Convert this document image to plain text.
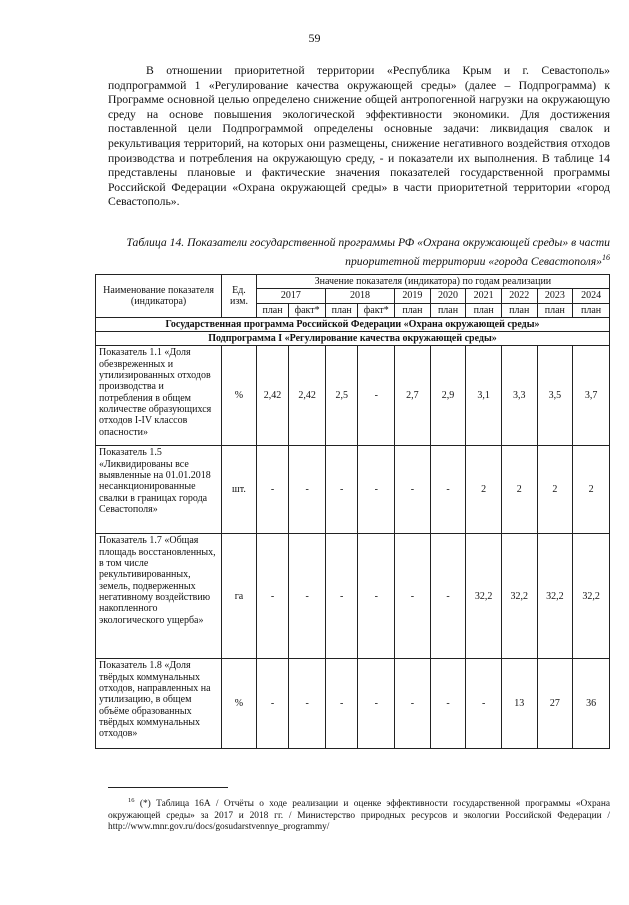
59

В отношении приоритетной территории «Республика Крым и г. Севастополь» подпрограммой 1 «Регулирование качества окружающей среды» (далее – Подпрограмма) к Программе основной целью определено снижение общей антропогенной нагрузки на окружающую среду на основе повышения экологической эффективности экономики. Для достижения поставленной цели Подпрограммой определены основные задачи: ликвидация свалок и рекультивация территорий, на которых они размещены, снижение негативного воздействия отходов производства и потребления на окружающую среду, - и показатели их выполнения. В таблице 14 представлены плановые и фактические значения показателей государственной программы Российской Федерации «Охрана окружающей среды» в части приоритетной территории «город Севастополь».

Таблица 14. Показатели государственной программы РФ «Охрана окружающей среды» в части приоритетной территории «города Севастополя»$^{16}$

Наименование показателя (индикатора)	Ед. изм.	Значение показателя (индикатора) по годам реализации									
		2017		2018		2019	2020	2021	2022	2023	2024
		план	факт*	план	факт*	план	план	план	план	план	план
Государственная программа Российской Федерации «Охрана окружающей среды»											
Подпрограмма I «Регулирование качества окружающей среды»											
Показатель 1.1 «Доля обезвреженных и утилизированных отходов производства и потребления в общем количестве образующихся отходов I-IV классов опасности»	%	2,42	2,42	2,5	-	2,7	2,9	3,1	3,3	3,5	3,7
Показатель 1.5 «Ликвидированы все выявленные на 01.01.2018 несанкционированные свалки в границах города Севастополя»	шт.	-	-	-	-	-	-	2	2	2	2
Показатель 1.7 «Общая площадь восстановленных, в том числе рекультивированных, земель, подверженных негативному воздействию накопленного экологического ущерба»	га	-	-	-	-	-	-	32,2	32,2	32,2	32,2
Показатель 1.8 «Доля твёрдых коммунальных отходов, направленных на утилизацию, в общем объёме образованных твёрдых коммунальных отходов»	%	-	-	-	-	-	-	-	13	27	36

$^{16}$ (*) Таблица 16А / Отчёты о ходе реализации и оценке эффективности государственной программы «Охрана окружающей среды» за 2017 и 2018 гг. / Министерство природных ресурсов и экологии Российской Федерации / http://www.mnr.gov.ru/docs/gosudarstvennye_programmy/
